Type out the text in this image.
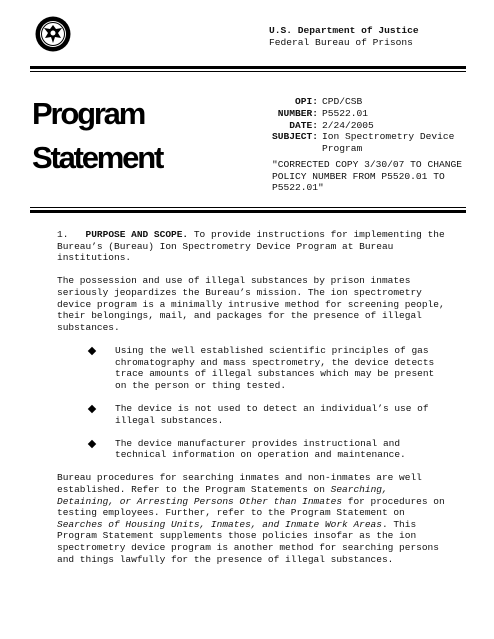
U.S. Department of Justice
Federal Bureau of Prisons
Program
Statement
OPI:
NUMBER:
DATE:
SUBJECT:
CPD/CSB
P5522.01
2/24/2005
Ion Spectrometry Device Program
"CORRECTED COPY 3/30/07 TO CHANGE POLICY NUMBER FROM P5520.01 TO P5522.01"

1. PURPOSE AND SCOPE. To provide instructions for implementing the Bureau’s (Bureau) Ion Spectrometry Device Program at Bureau institutions.

The possession and use of illegal substances by prison inmates seriously jeopardizes the Bureau’s mission. The ion spectrometry device program is a minimally intrusive method for screening people, their belongings, mail, and packages for the presence of illegal substances.

Using the well established scientific principles of gas chromatography and mass spectrometry, the device detects trace amounts of illegal substances which may be present on the person or thing tested.
The device is not used to detect an individual’s use of illegal substances.
The device manufacturer provides instructional and technical information on operation and maintenance.

Bureau procedures for searching inmates and non-inmates are well established. Refer to the Program Statements on Searching, Detaining, or Arresting Persons Other than Inmates for procedures on testing employees. Further, refer to the Program Statement on Searches of Housing Units, Inmates, and Inmate Work Areas. This Program Statement supplements those policies insofar as the ion spectrometry device program is another method for searching persons and things lawfully for the presence of illegal substances.
